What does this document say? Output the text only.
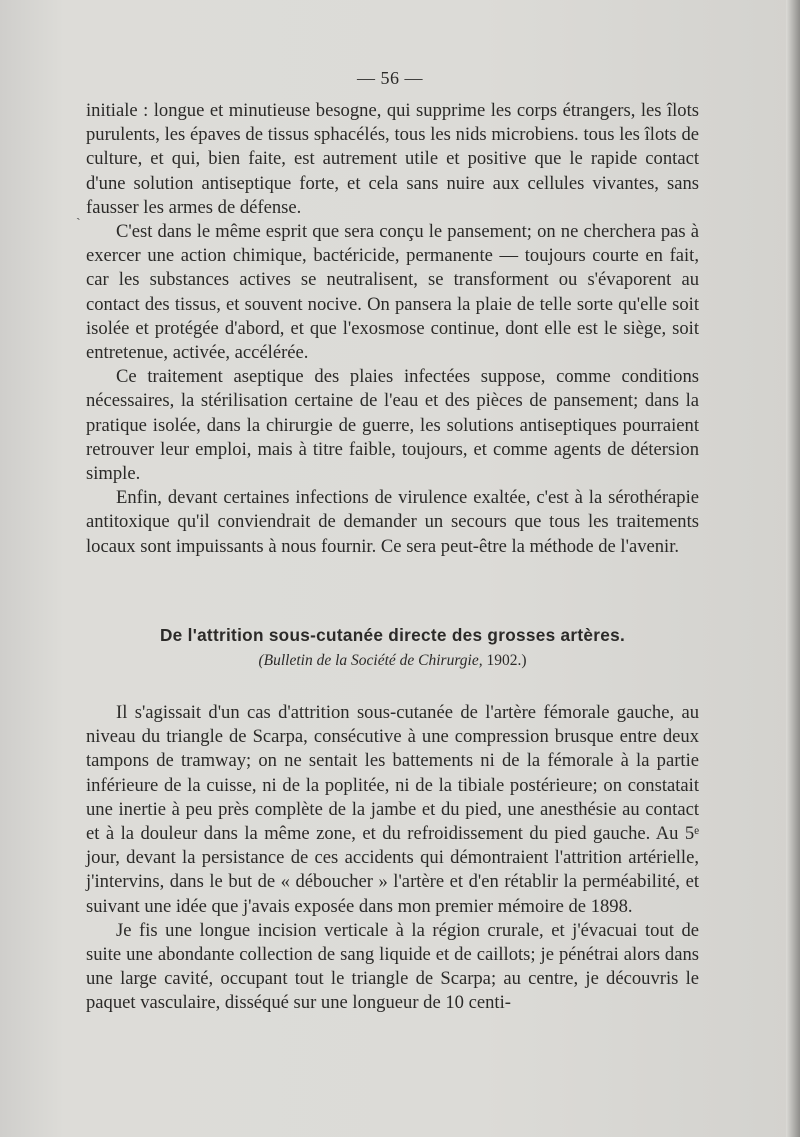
— 56 —
ˎ

initiale : longue et minutieuse besogne, qui supprime les corps étrangers, les îlots purulents, les épaves de tissus sphacélés, tous les nids microbiens. tous les îlots de culture, et qui, bien faite, est autrement utile et positive que le rapide contact d'une solution antiseptique forte, et cela sans nuire aux cellules vivantes, sans fausser les armes de défense.

C'est dans le même esprit que sera conçu le pansement; on ne cherchera pas à exercer une action chimique, bactéricide, permanente — toujours courte en fait, car les substances actives se neutralisent, se transforment ou s'évaporent au contact des tissus, et souvent nocive. On pansera la plaie de telle sorte qu'elle soit isolée et protégée d'abord, et que l'exosmose continue, dont elle est le siège, soit entretenue, activée, accélérée.

Ce traitement aseptique des plaies infectées suppose, comme conditions nécessaires, la stérilisation certaine de l'eau et des pièces de pansement; dans la pratique isolée, dans la chirurgie de guerre, les solutions antiseptiques pourraient retrouver leur emploi, mais à titre faible, toujours, et comme agents de détersion simple.

Enfin, devant certaines infections de virulence exaltée, c'est à la sérothérapie antitoxique qu'il conviendrait de demander un secours que tous les traitements locaux sont impuissants à nous fournir. Ce sera peut-être la méthode de l'avenir.

De l'attrition sous-cutanée directe des grosses artères.
(Bulletin de la Société de Chirurgie, 1902.)

Il s'agissait d'un cas d'attrition sous-cutanée de l'artère fémorale gauche, au niveau du triangle de Scarpa, consécutive à une compression brusque entre deux tampons de tramway; on ne sentait les battements ni de la fémorale à la partie inférieure de la cuisse, ni de la poplitée, ni de la tibiale postérieure; on constatait une inertie à peu près complète de la jambe et du pied, une anesthésie au contact et à la douleur dans la même zone, et du refroidissement du pied gauche. Au 5ᵉ jour, devant la persistance de ces accidents qui démontraient l'attrition artérielle, j'intervins, dans le but de « déboucher » l'artère et d'en rétablir la perméabilité, et suivant une idée que j'avais exposée dans mon premier mémoire de 1898.

Je fis une longue incision verticale à la région crurale, et j'évacuai tout de suite une abondante collection de sang liquide et de caillots; je pénétrai alors dans une large cavité, occupant tout le triangle de Scarpa; au centre, je découvris le paquet vasculaire, disséqué sur une longueur de 10 centi-
